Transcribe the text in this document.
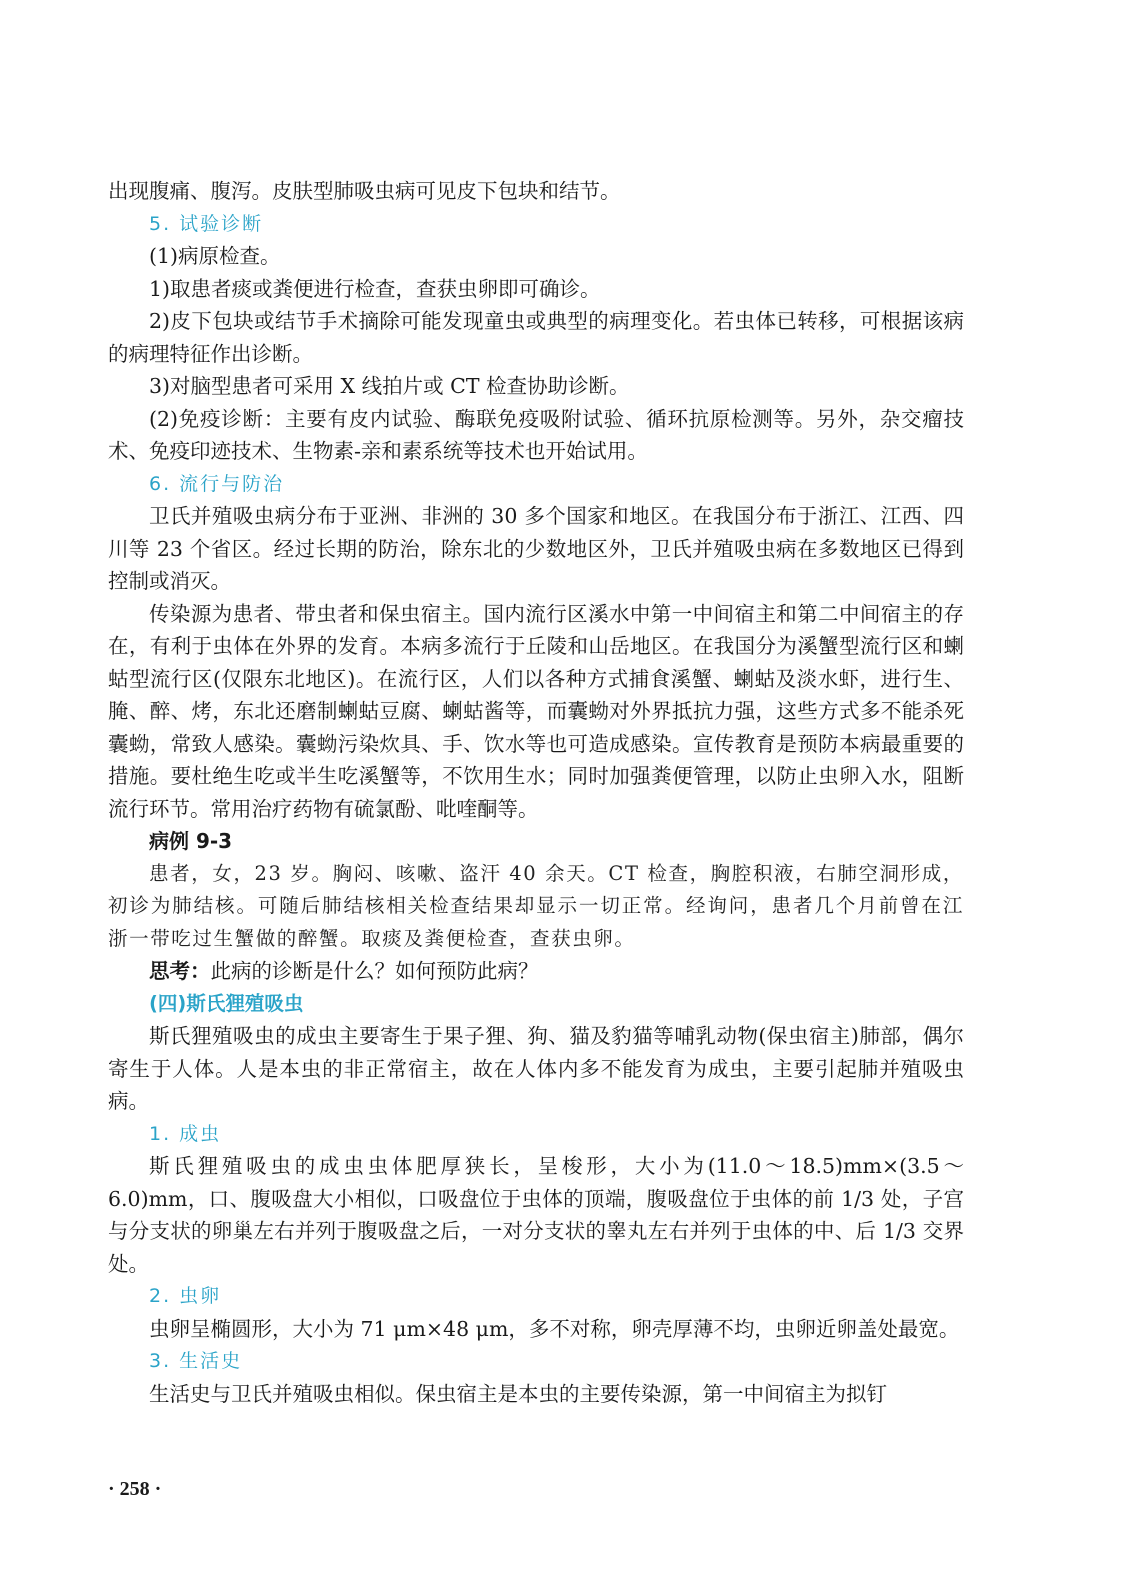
出现腹痛、腹泻。皮肤型肺吸虫病可见皮下包块和结节。

5. 试验诊断

(1)病原检查。

1)取患者痰或粪便进行检查，查获虫卵即可确诊。

2)皮下包块或结节手术摘除可能发现童虫或典型的病理变化。若虫体已转移，可根据该病的病理特征作出诊断。

3)对脑型患者可采用 X 线拍片或 CT 检查协助诊断。

(2)免疫诊断：主要有皮内试验、酶联免疫吸附试验、循环抗原检测等。另外，杂交瘤技术、免疫印迹技术、生物素-亲和素系统等技术也开始试用。

6. 流行与防治

卫氏并殖吸虫病分布于亚洲、非洲的 30 多个国家和地区。在我国分布于浙江、江西、四川等 23 个省区。经过长期的防治，除东北的少数地区外，卫氏并殖吸虫病在多数地区已得到控制或消灭。

传染源为患者、带虫者和保虫宿主。国内流行区溪水中第一中间宿主和第二中间宿主的存在，有利于虫体在外界的发育。本病多流行于丘陵和山岳地区。在我国分为溪蟹型流行区和蝲蛄型流行区(仅限东北地区)。在流行区，人们以各种方式捕食溪蟹、蝲蛄及淡水虾，进行生、腌、醉、烤，东北还磨制蝲蛄豆腐、蝲蛄酱等，而囊蚴对外界抵抗力强，这些方式多不能杀死囊蚴，常致人感染。囊蚴污染炊具、手、饮水等也可造成感染。宣传教育是预防本病最重要的措施。要杜绝生吃或半生吃溪蟹等，不饮用生水；同时加强粪便管理，以防止虫卵入水，阻断流行环节。常用治疗药物有硫氯酚、吡喹酮等。

病例 9-3

患者，女，23 岁。胸闷、咳嗽、盗汗 40 余天。CT 检查，胸腔积液，右肺空洞形成，初诊为肺结核。可随后肺结核相关检查结果却显示一切正常。经询问，患者几个月前曾在江浙一带吃过生蟹做的醉蟹。取痰及粪便检查，查获虫卵。

思考：此病的诊断是什么？如何预防此病？

(四)斯氏狸殖吸虫

斯氏狸殖吸虫的成虫主要寄生于果子狸、狗、猫及豹猫等哺乳动物(保虫宿主)肺部，偶尔寄生于人体。人是本虫的非正常宿主，故在人体内多不能发育为成虫，主要引起肺并殖吸虫病。

1. 成虫

斯氏狸殖吸虫的成虫虫体肥厚狭长，呈梭形，大小为(11.0～18.5)mm×(3.5～6.0)mm，口、腹吸盘大小相似，口吸盘位于虫体的顶端，腹吸盘位于虫体的前 1/3 处，子宫与分支状的卵巢左右并列于腹吸盘之后，一对分支状的睾丸左右并列于虫体的中、后 1/3 交界处。

2. 虫卵

虫卵呈椭圆形，大小为 71 μm×48 μm，多不对称，卵壳厚薄不均，虫卵近卵盖处最宽。

3. 生活史

生活史与卫氏并殖吸虫相似。保虫宿主是本虫的主要传染源，第一中间宿主为拟钉

· 258 ·
